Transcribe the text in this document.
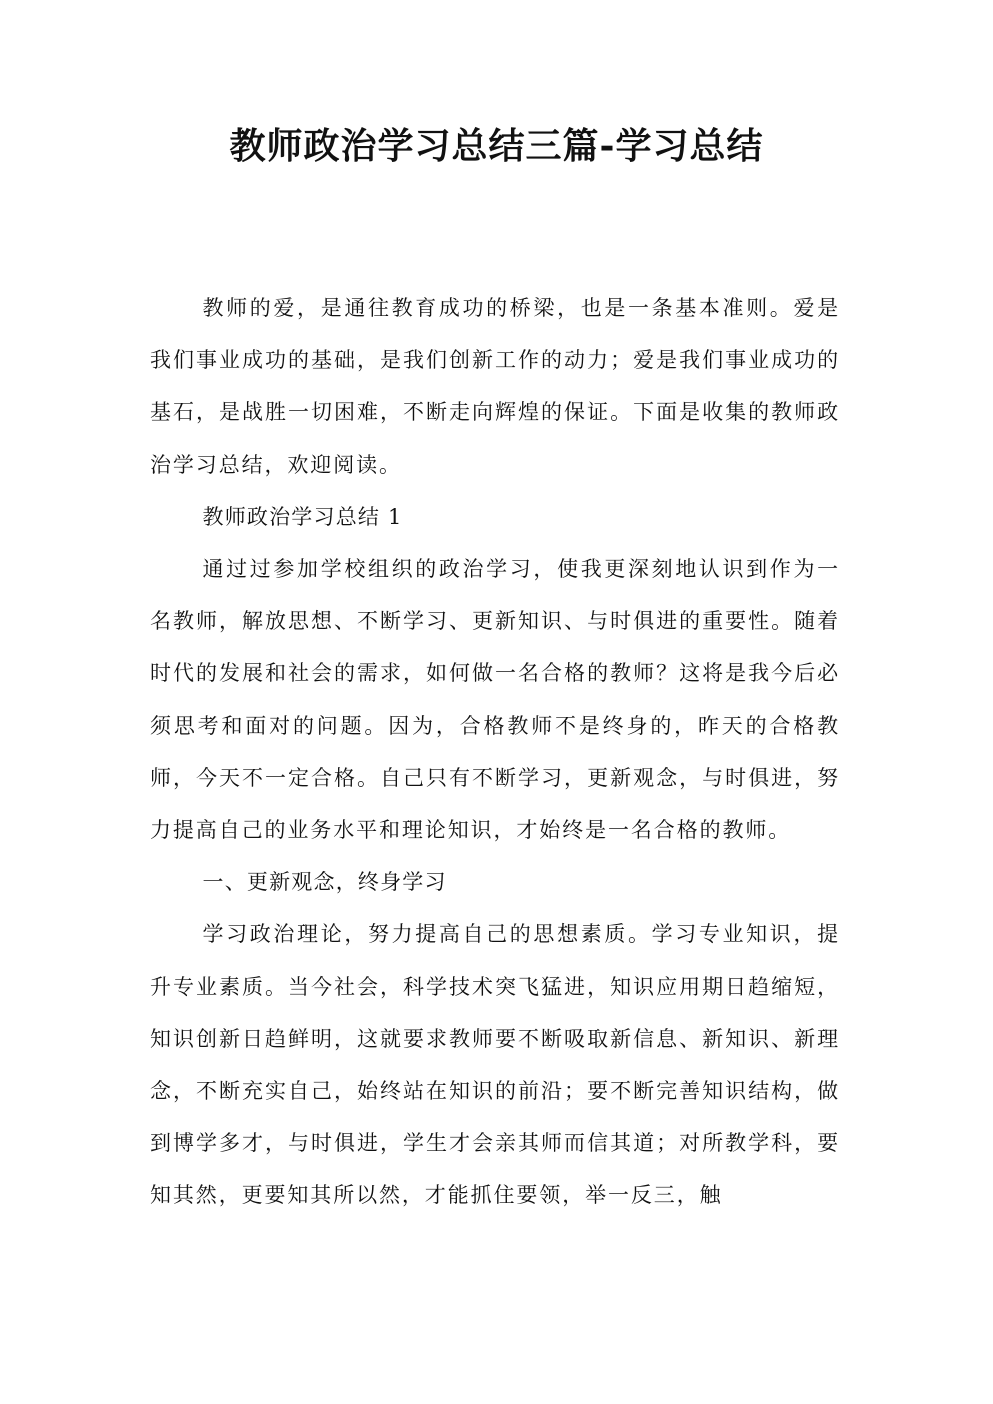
教师政治学习总结三篇-学习总结

教师的爱，是通往教育成功的桥梁，也是一条基本准则。爱是我们事业成功的基础，是我们创新工作的动力；爱是我们事业成功的基石，是战胜一切困难，不断走向辉煌的保证。下面是收集的教师政治学习总结，欢迎阅读。

教师政治学习总结 1

通过过参加学校组织的政治学习，使我更深刻地认识到作为一名教师，解放思想、不断学习、更新知识、与时俱进的重要性。随着时代的发展和社会的需求，如何做一名合格的教师？这将是我今后必须思考和面对的问题。因为，合格教师不是终身的，昨天的合格教师，今天不一定合格。自己只有不断学习，更新观念，与时俱进，努力提高自己的业务水平和理论知识，才始终是一名合格的教师。

一、更新观念，终身学习

学习政治理论，努力提高自己的思想素质。学习专业知识，提升专业素质。当今社会，科学技术突飞猛进，知识应用期日趋缩短，知识创新日趋鲜明，这就要求教师要不断吸取新信息、新知识、新理念，不断充实自己，始终站在知识的前沿；要不断完善知识结构，做到博学多才，与时俱进，学生才会亲其师而信其道；对所教学科，要知其然，更要知其所以然，才能抓住要领，举一反三，触
